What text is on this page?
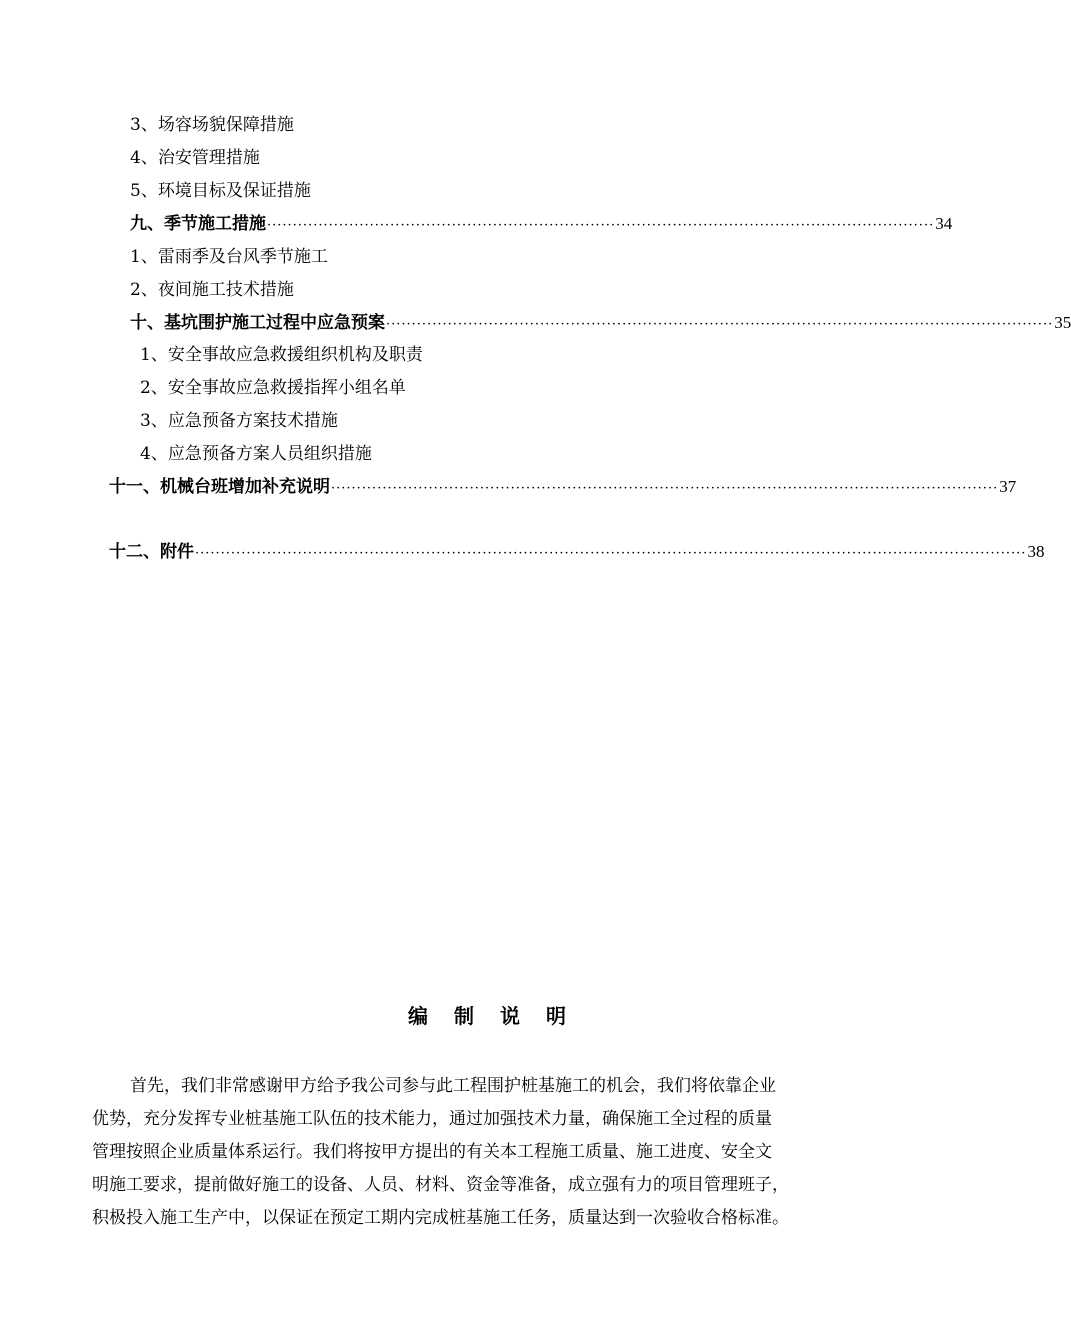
3、场容场貌保障措施
4、治安管理措施
5、环境目标及保证措施
九、季节施工措施 ·································································································································· 34
1、雷雨季及台风季节施工
2、夜间施工技术措施
十、基坑围护施工过程中应急预案 ·································································································································· 35
1、安全事故应急救援组织机构及职责
2、安全事故应急救援指挥小组名单
3、应急预备方案技术措施
4、应急预备方案人员组织措施
十一、机械台班增加补充说明 ·································································································································· 37
十二、附件 ·································································································································································· 38
编制说明
首先，我们非常感谢甲方给予我公司参与此工程围护桩基施工的机会，我们将依靠企业
优势，充分发挥专业桩基施工队伍的技术能力，通过加强技术力量，确保施工全过程的质量
管理按照企业质量体系运行。我们将按甲方提出的有关本工程施工质量、施工进度、安全文
明施工要求，提前做好施工的设备、人员、材料、资金等准备，成立强有力的项目管理班子，
积极投入施工生产中，以保证在预定工期内完成桩基施工任务，质量达到一次验收合格标准。
